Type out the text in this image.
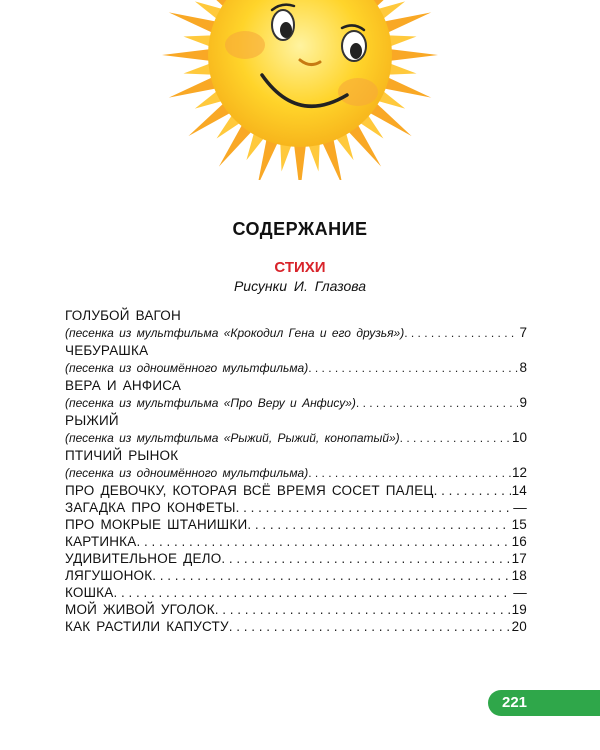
СОДЕРЖАНИЕ
СТИХИ
Рисунки И. Глазова
ГОЛУБОЙ ВАГОН
(песенка из мультфильма «Крокодил Гена и его друзья») . . .	7
ЧЕБУРАШКА
(песенка из одноимённого мультфильма) . . .	8
ВЕРА И АНФИСА
(песенка из мультфильма «Про Веру и Анфису») . . .	9
РЫЖИЙ
(песенка из мультфильма «Рыжий, Рыжий, конопатый») . . .	10
ПТИЧИЙ РЫНОК
(песенка из одноимённого мультфильма) . . .	12
ПРО ДЕВОЧКУ, КОТОРАЯ ВСЁ ВРЕМЯ СОСЕТ ПАЛЕЦ . . .	14
ЗАГАДКА ПРО КОНФЕТЫ . . .	—
ПРО МОКРЫЕ ШТАНИШКИ . . .	15
КАРТИНКА . . .	16
УДИВИТЕЛЬНОЕ ДЕЛО . . .	17
ЛЯГУШОНОК . . .	18
КОШКА . . .	—
МОЙ ЖИВОЙ УГОЛОК . . .	19
КАК РАСТИЛИ КАПУСТУ . . .	20
221
